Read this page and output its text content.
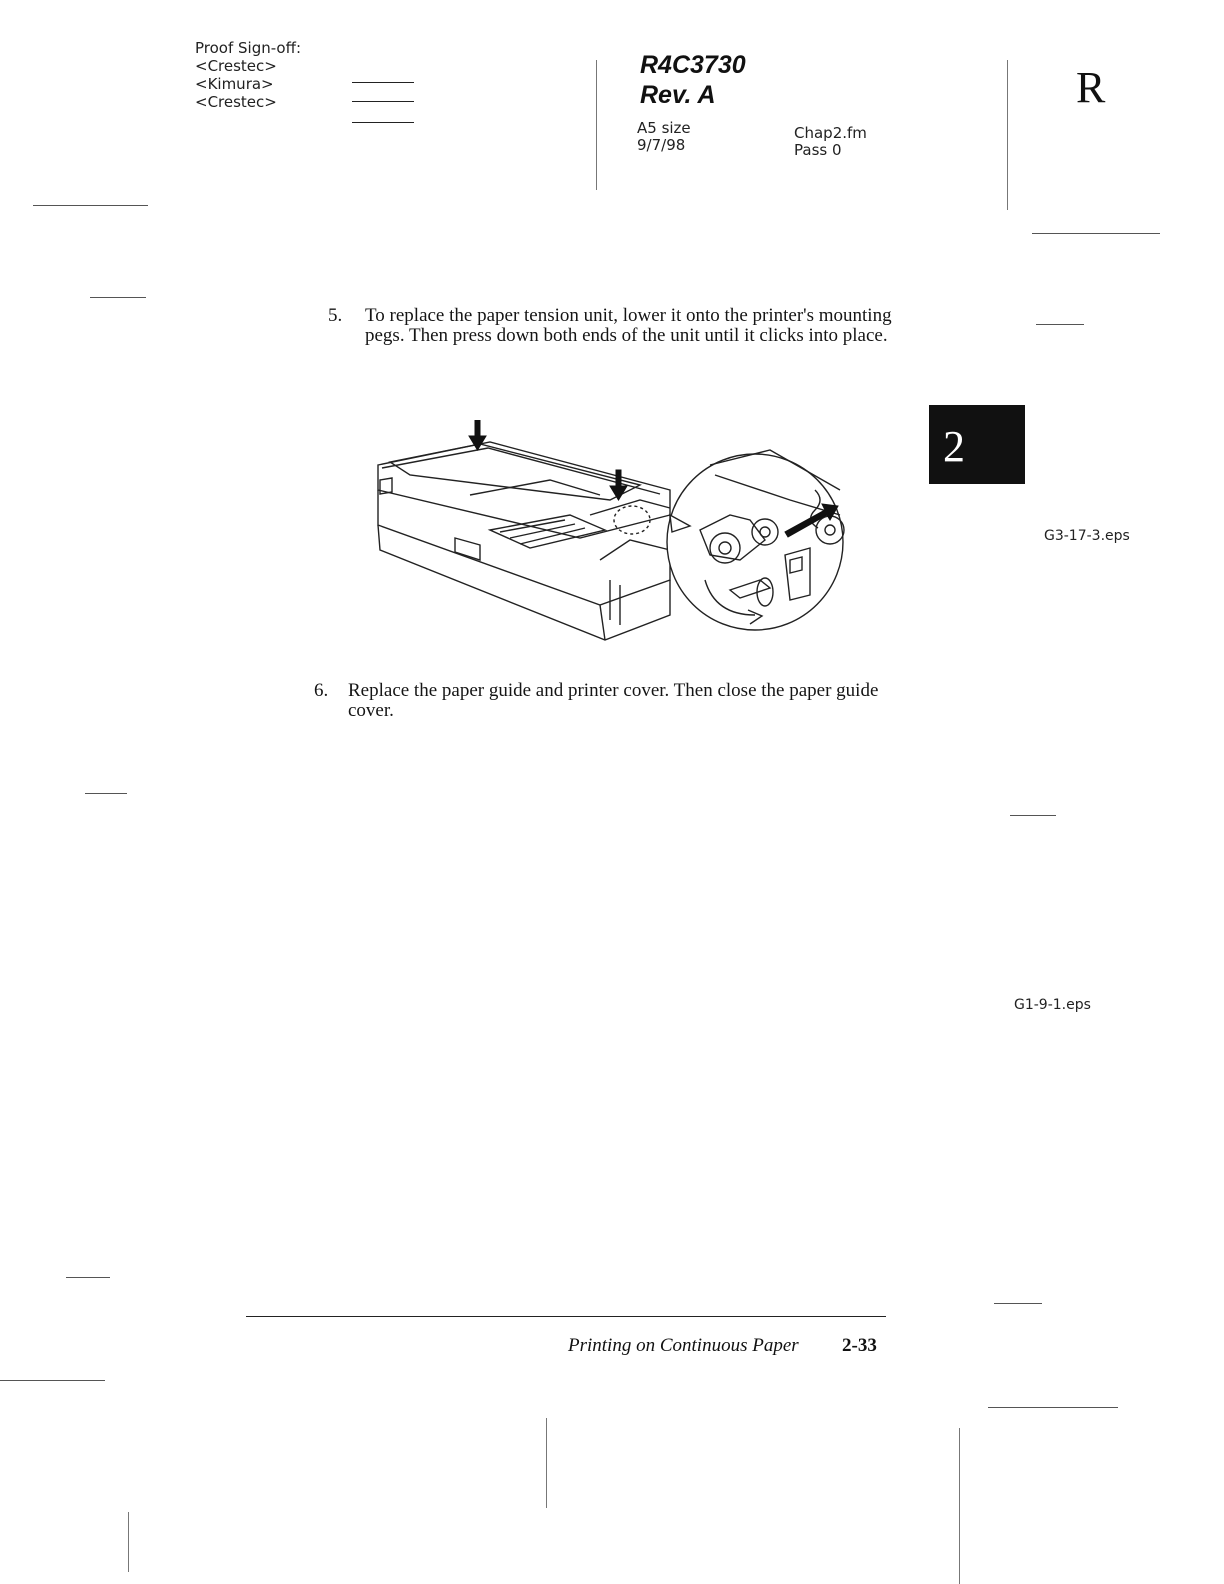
Proof Sign-off:
<Crestec>
<Kimura>
<Crestec>
R4C3730
Rev. A
A5 size
9/7/98
Chap2.fm
Pass 0
R
5. To replace the paper tension unit, lower it onto the printer's mounting pegs. Then press down both ends of the unit until it clicks into place.
2
G3-17-3.eps
6. Replace the paper guide and printer cover. Then close the paper guide cover.
G1-9-1.eps
Printing on Continuous Paper 2-33
